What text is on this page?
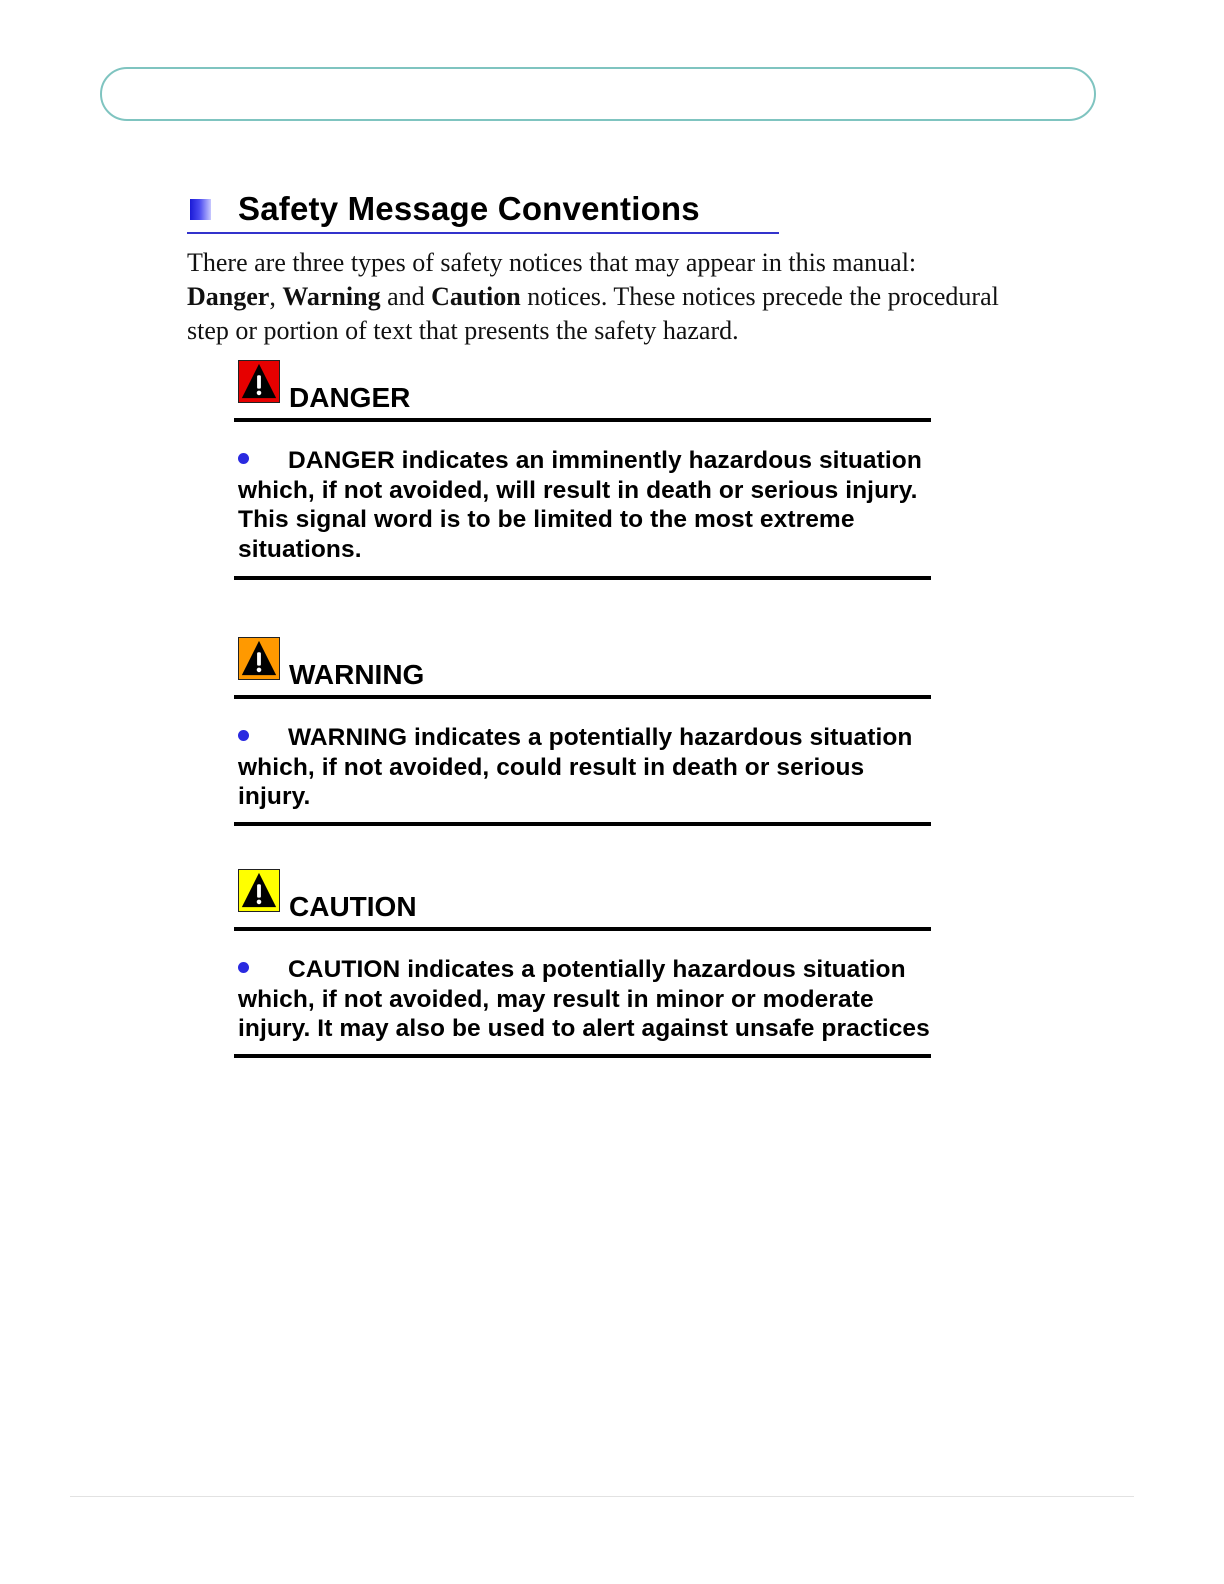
Safety Message Conventions

There are three types of safety notices that may appear in this manual: Danger, Warning and Caution notices. These notices precede the procedural step or portion of text that presents the safety hazard.

DANGER
DANGER indicates an imminently hazardous situation which, if not avoided, will result in death or serious injury. This signal word is to be limited to the most extreme situations.
WARNING
WARNING indicates a potentially hazardous situation which, if not avoided, could result in death or serious injury.
CAUTION
CAUTION indicates a potentially hazardous situation which, if not avoided, may result in minor or moderate injury. It may also be used to alert against unsafe practices
